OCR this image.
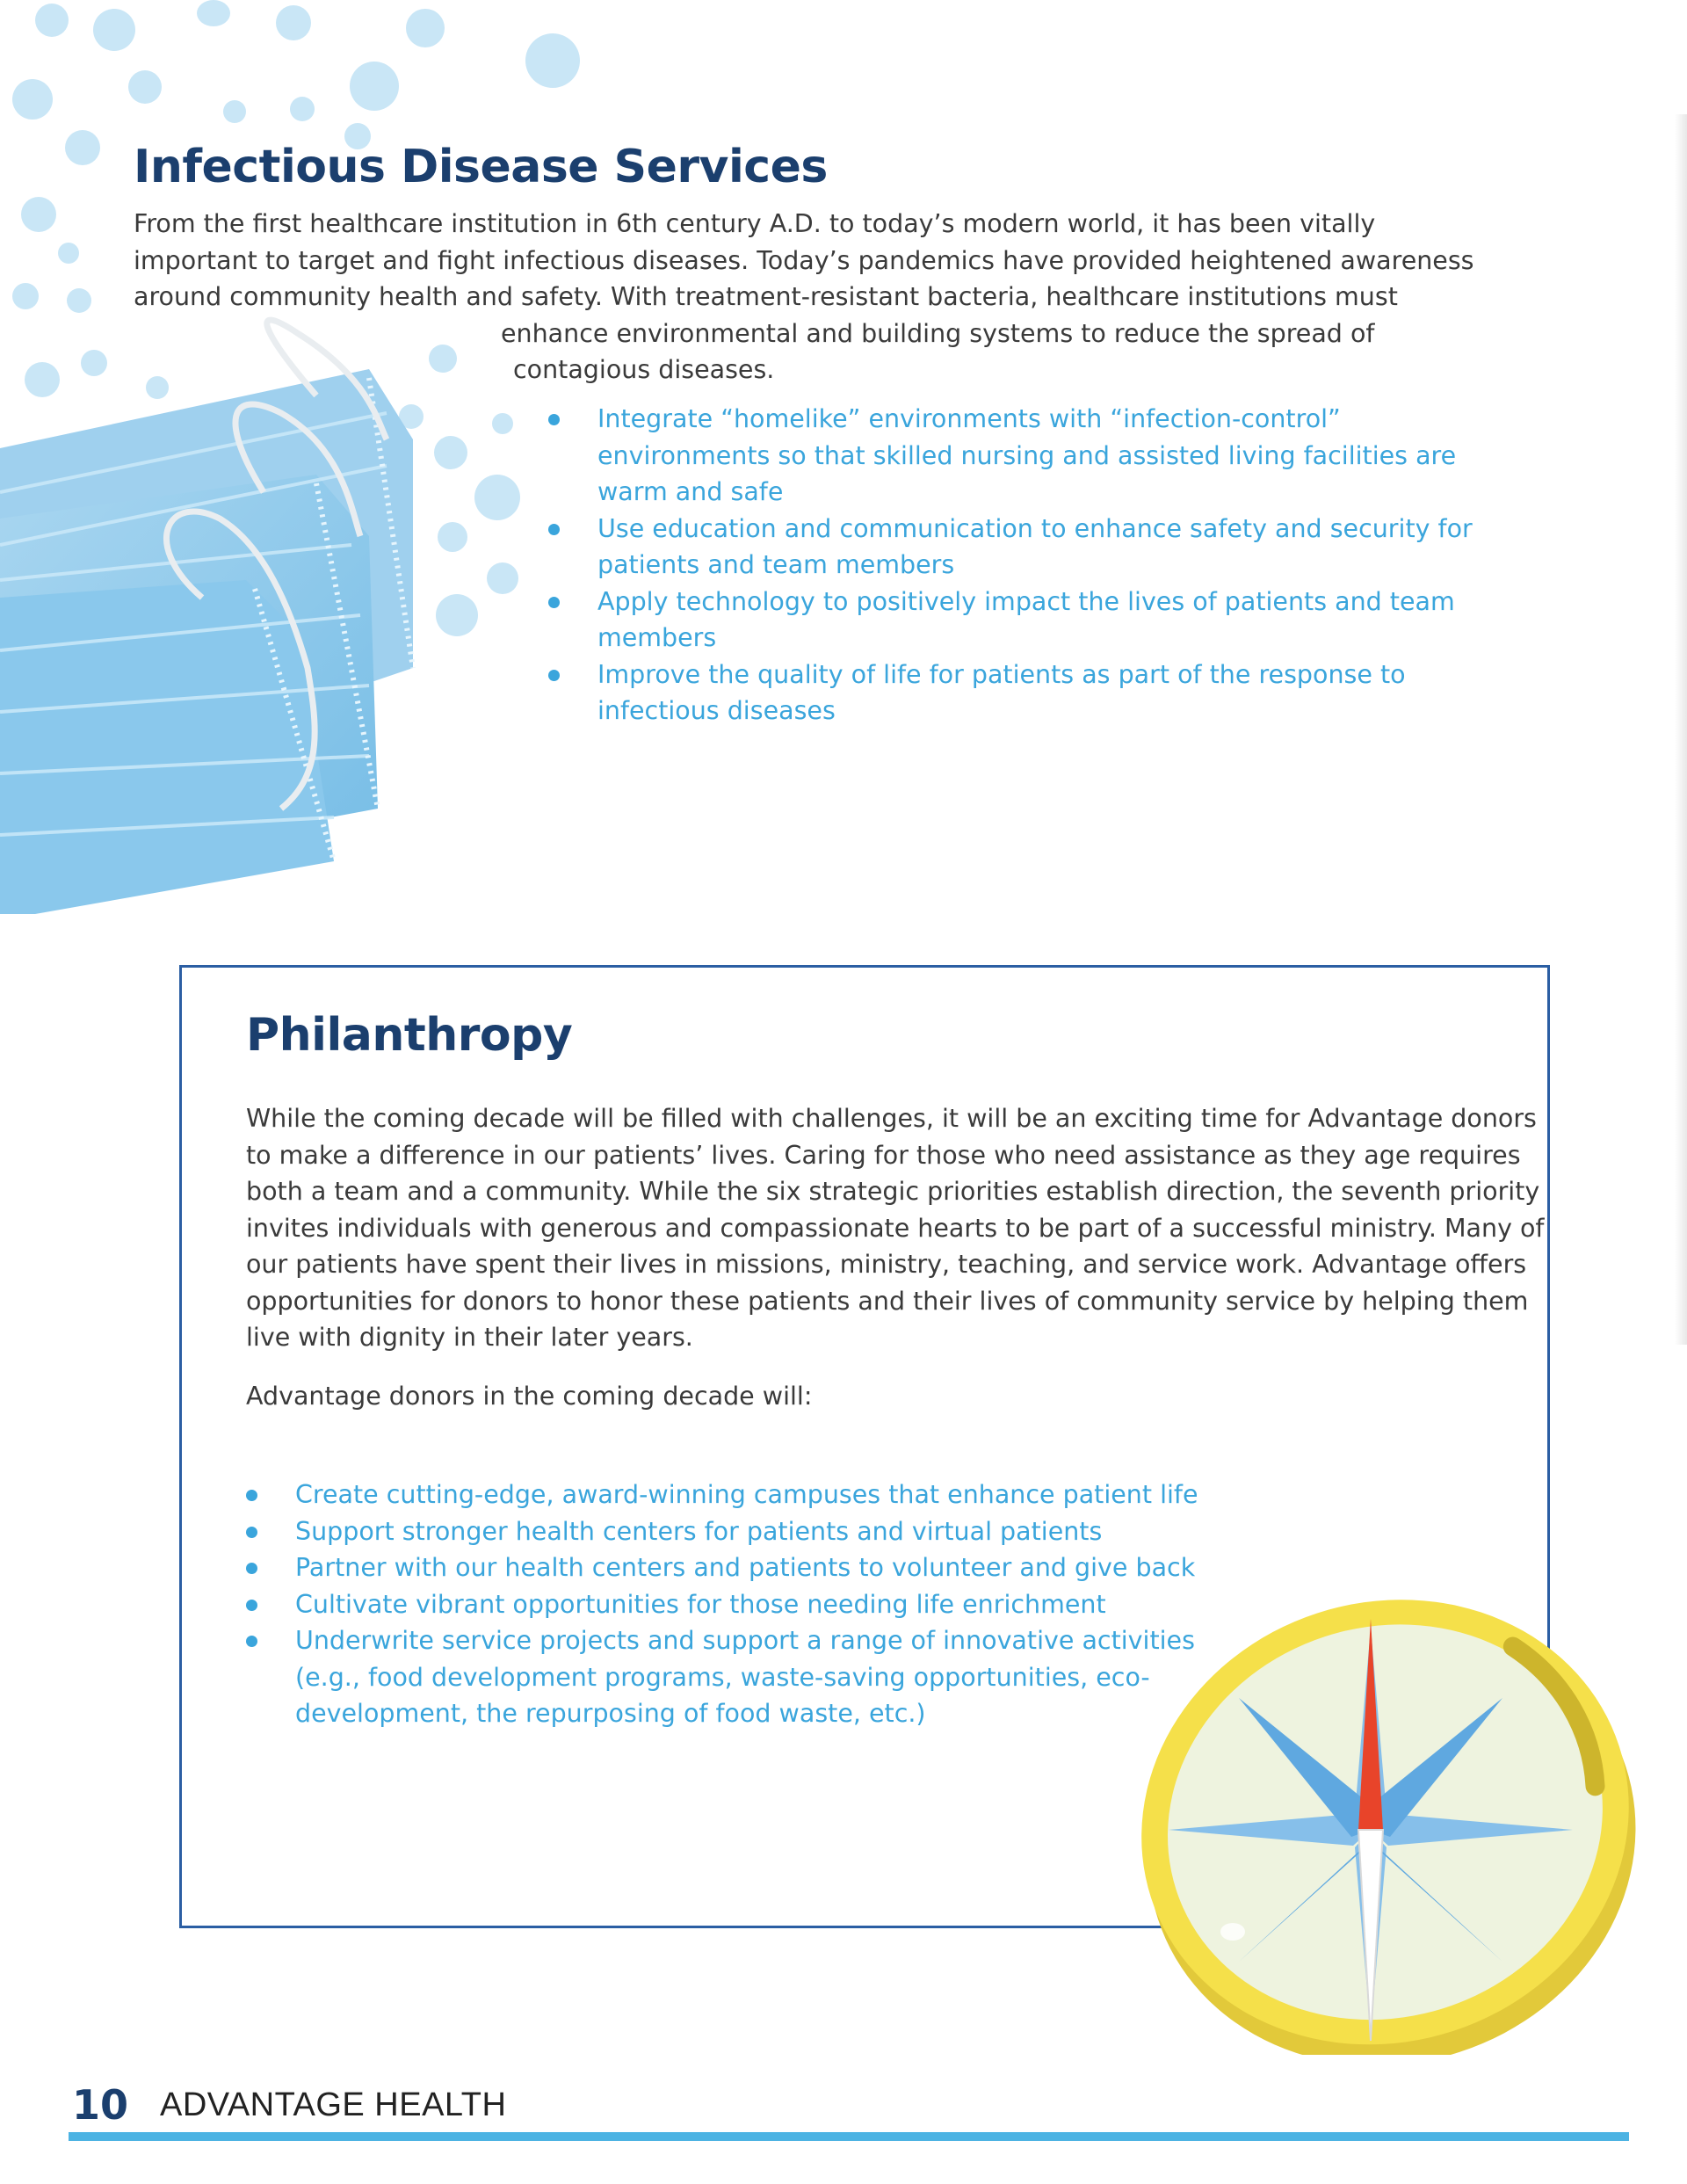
Infectious Disease Services

From the first healthcare institution in 6th century A.D. to today’s modern world, it has been vitally
important to target and fight infectious diseases. Today’s pandemics have provided heightened awareness
around community health and safety. With treatment-resistant bacteria, healthcare institutions must
enhance environmental and building systems to reduce the spread of
contagious diseases.

Integrate “homelike” environments with “infection-control”
environments so that skilled nursing and assisted living facilities are
warm and safe
Use education and communication to enhance safety and security for
patients and team members
Apply technology to positively impact the lives of patients and team
members
Improve the quality of life for patients as part of the response to
infectious diseases
Philanthropy

While the coming decade will be filled with challenges, it will be an exciting time for Advantage donors
to make a difference in our patients’ lives. Caring for those who need assistance as they age requires
both a team and a community. While the six strategic priorities establish direction, the seventh priority
invites individuals with generous and compassionate hearts to be part of a successful ministry. Many of
our patients have spent their lives in missions, ministry, teaching, and service work. Advantage offers
opportunities for donors to honor these patients and their lives of community service by helping them
live with dignity in their later years.

Advantage donors in the coming decade will:

Create cutting-edge, award-winning campuses that enhance patient life
Support stronger health centers for patients and virtual patients
Partner with our health centers and patients to volunteer and give back
Cultivate vibrant opportunities for those needing life enrichment
Underwrite service projects and support a range of innovative activities
(e.g., food development programs, waste-saving opportunities, eco-
development, the repurposing of food waste, etc.)

10 ADVANTAGE HEALTH
